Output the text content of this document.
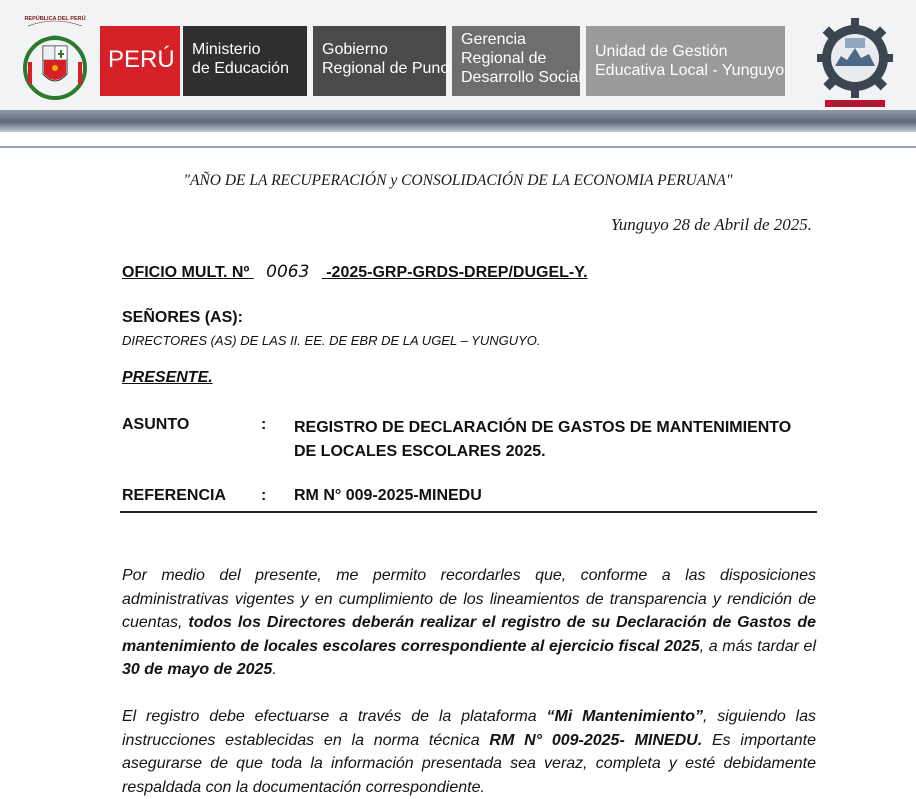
REPÚBLICA DEL PERÚ
PERÚ	Ministerio
de Educación
Gobierno
Regional de Puno
Gerencia
Regional de
Desarrollo Social
Unidad de Gestión
Educativa Local - Yunguyo
REGIÓN · PUNO
"AÑO DE LA RECUPERACIÓN y CONSOLIDACIÓN DE LA ECONOMIA PERUANA"
Yunguyo 28 de Abril de 2025.
OFICIO MULT. Nº 0063 -2025-GRP-GRDS-DREP/DUGEL-Y.
SEÑORES (AS):
DIRECTORES (AS) DE LAS II. EE. DE EBR DE LA UGEL – YUNGUYO.
PRESENTE.
ASUNTO	: REGISTRO DE DECLARACIÓN DE GASTOS DE MANTENIMIENTO DE LOCALES ESCOLARES 2025.
REFERENCIA : RM N° 009-2025-MINEDU
Por medio del presente, me permito recordarles que, conforme a las disposiciones administrativas vigentes y en cumplimiento de los lineamientos de transparencia y rendición de cuentas, todos los Directores deberán realizar el registro de su Declaración de Gastos de mantenimiento de locales escolares correspondiente al ejercicio fiscal 2025, a más tardar el 30 de mayo de 2025.
El registro debe efectuarse a través de la plataforma “Mi Mantenimiento”, siguiendo las instrucciones establecidas en la norma técnica RM N° 009-2025- MINEDU. Es importante asegurarse de que toda la información presentada sea veraz, completa y esté debidamente respaldada con la documentación correspondiente.
